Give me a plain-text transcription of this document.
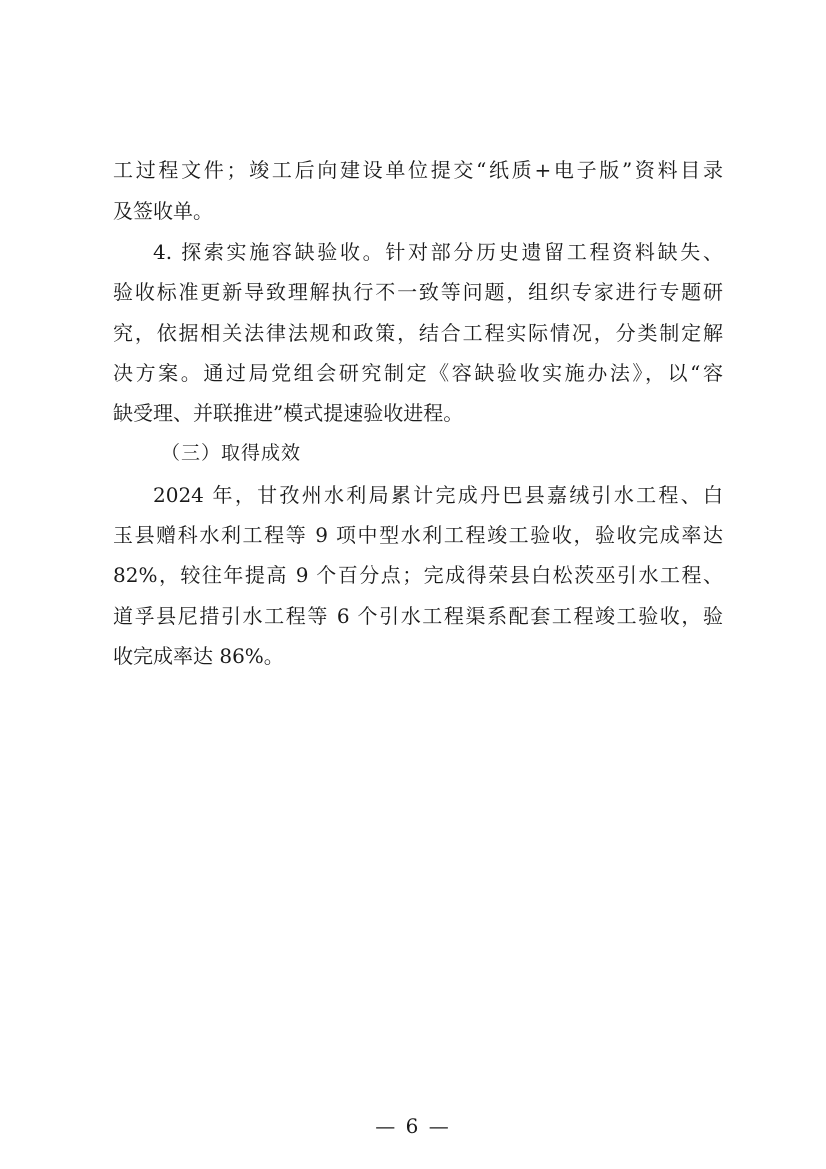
工过程文件；竣工后向建设单位提交“纸质+电子版”资料目录
及签收单。
4. 探索实施容缺验收。针对部分历史遗留工程资料缺失、
验收标准更新导致理解执行不一致等问题，组织专家进行专题研
究，依据相关法律法规和政策，结合工程实际情况，分类制定解
决方案。通过局党组会研究制定《容缺验收实施办法》，以“容
缺受理、并联推进”模式提速验收进程。
（三）取得成效
2024 年，甘孜州水利局累计完成丹巴县嘉绒引水工程、白
玉县赠科水利工程等 9 项中型水利工程竣工验收，验收完成率达
82%，较往年提高 9 个百分点；完成得荣县白松茨巫引水工程、
道孚县尼措引水工程等 6 个引水工程渠系配套工程竣工验收，验
收完成率达 86%。
— 6 —
